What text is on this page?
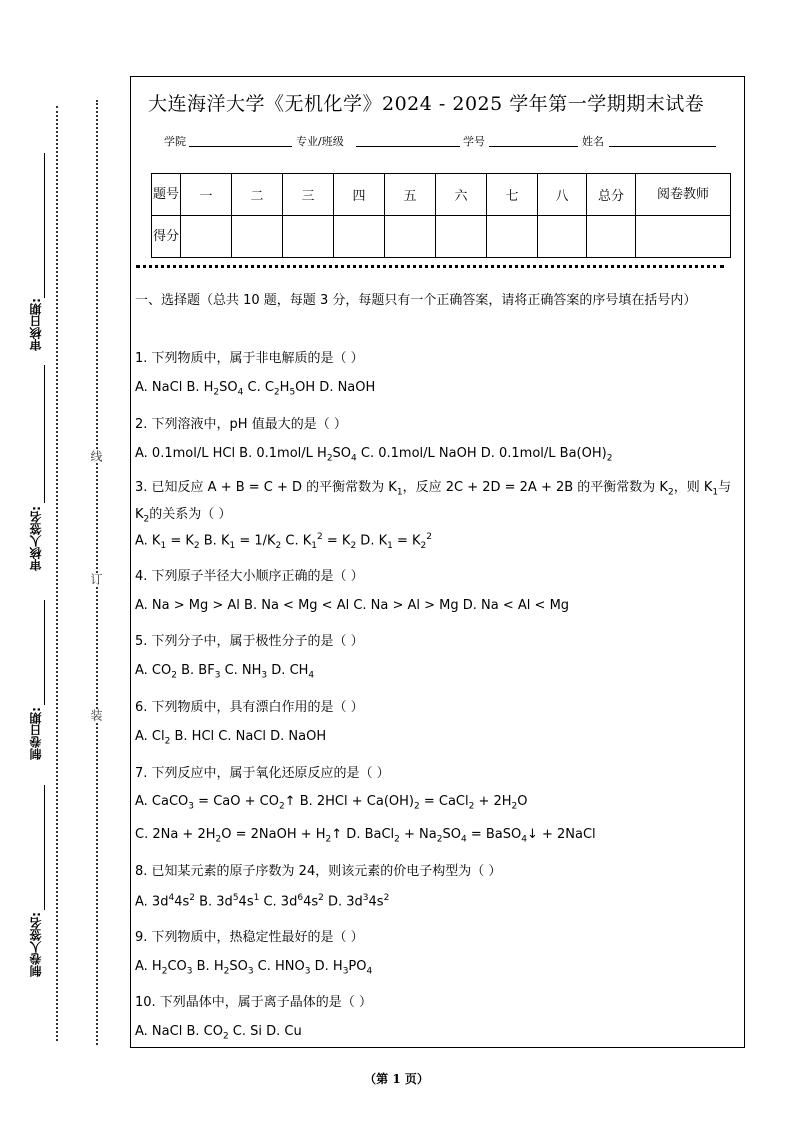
审核日期:
审核人签名:
制卷日期:
制卷人签名:
线
订
装
大连海洋大学《无机化学》2024 - 2025 学年第一学期期末试卷
学院	专业/班级	学号	姓名
题号	一	二	三	四	五	六	七	八	总分	阅卷教师
得分										
一、选择题（总共 10 题，每题 3 分，每题只有一个正确答案，请将正确答案的序号填在括号内）
1. 下列物质中，属于非电解质的是（ ）
A. NaCl B. $H_2SO_4$ C. $C_2H_5OH$ D. NaOH
2. 下列溶液中，pH 值最大的是（ ）
A. 0.1mol/L HCl B. 0.1mol/L $H_2SO_4$ C. 0.1mol/L NaOH D. 0.1mol/L $Ba(OH)_2$
3. 已知反应 A + B = C + D 的平衡常数为 $K_1$，反应 2C + 2D = 2A + 2B 的平衡常数为 $K_2$，则 $K_1$与 $K_2$的关系为（ ）
A. $K_1 = K_2$ B. $K_1 = 1/K_2$ C. $K_1^2 = K_2$ D. $K_1 = K_2^2$
4. 下列原子半径大小顺序正确的是（ ）
A. Na > Mg > Al B. Na < Mg < Al C. Na > Al > Mg D. Na < Al < Mg
5. 下列分子中，属于极性分子的是（ ）
A. $CO_2$ B. $BF_3$ C. $NH_3$ D. $CH_4$
6. 下列物质中，具有漂白作用的是（ ）
A. $Cl_2$ B. HCl C. NaCl D. NaOH
7. 下列反应中，属于氧化还原反应的是（ ）
A. CaCO$_3$ = CaO + $CO_2↑$ B. $2HCl + Ca(OH)_2$ = CaCl$_2$ + $2H_2O$
C. $2Na + 2H_2O$ = 2NaOH + $H_2↑$ D. BaCl$_2$ + $Na_2SO_4$ = BaSO$_4$↓ + 2NaCl
8. 已知某元素的原子序数为 24，则该元素的价电子构型为（ ）
A. $3d^44s^2$ B. $3d^54s^1$ C. $3d^64s^2$ D. $3d^34s^2$
9. 下列物质中，热稳定性最好的是（ ）
A. $H_2CO_3$ B. $H_2SO_3$ C. $HNO_3$ D. $H_3PO_4$
10. 下列晶体中，属于离子晶体的是（ ）
A. NaCl B. $CO_2$ C. Si D. Cu
（第 1 页）
